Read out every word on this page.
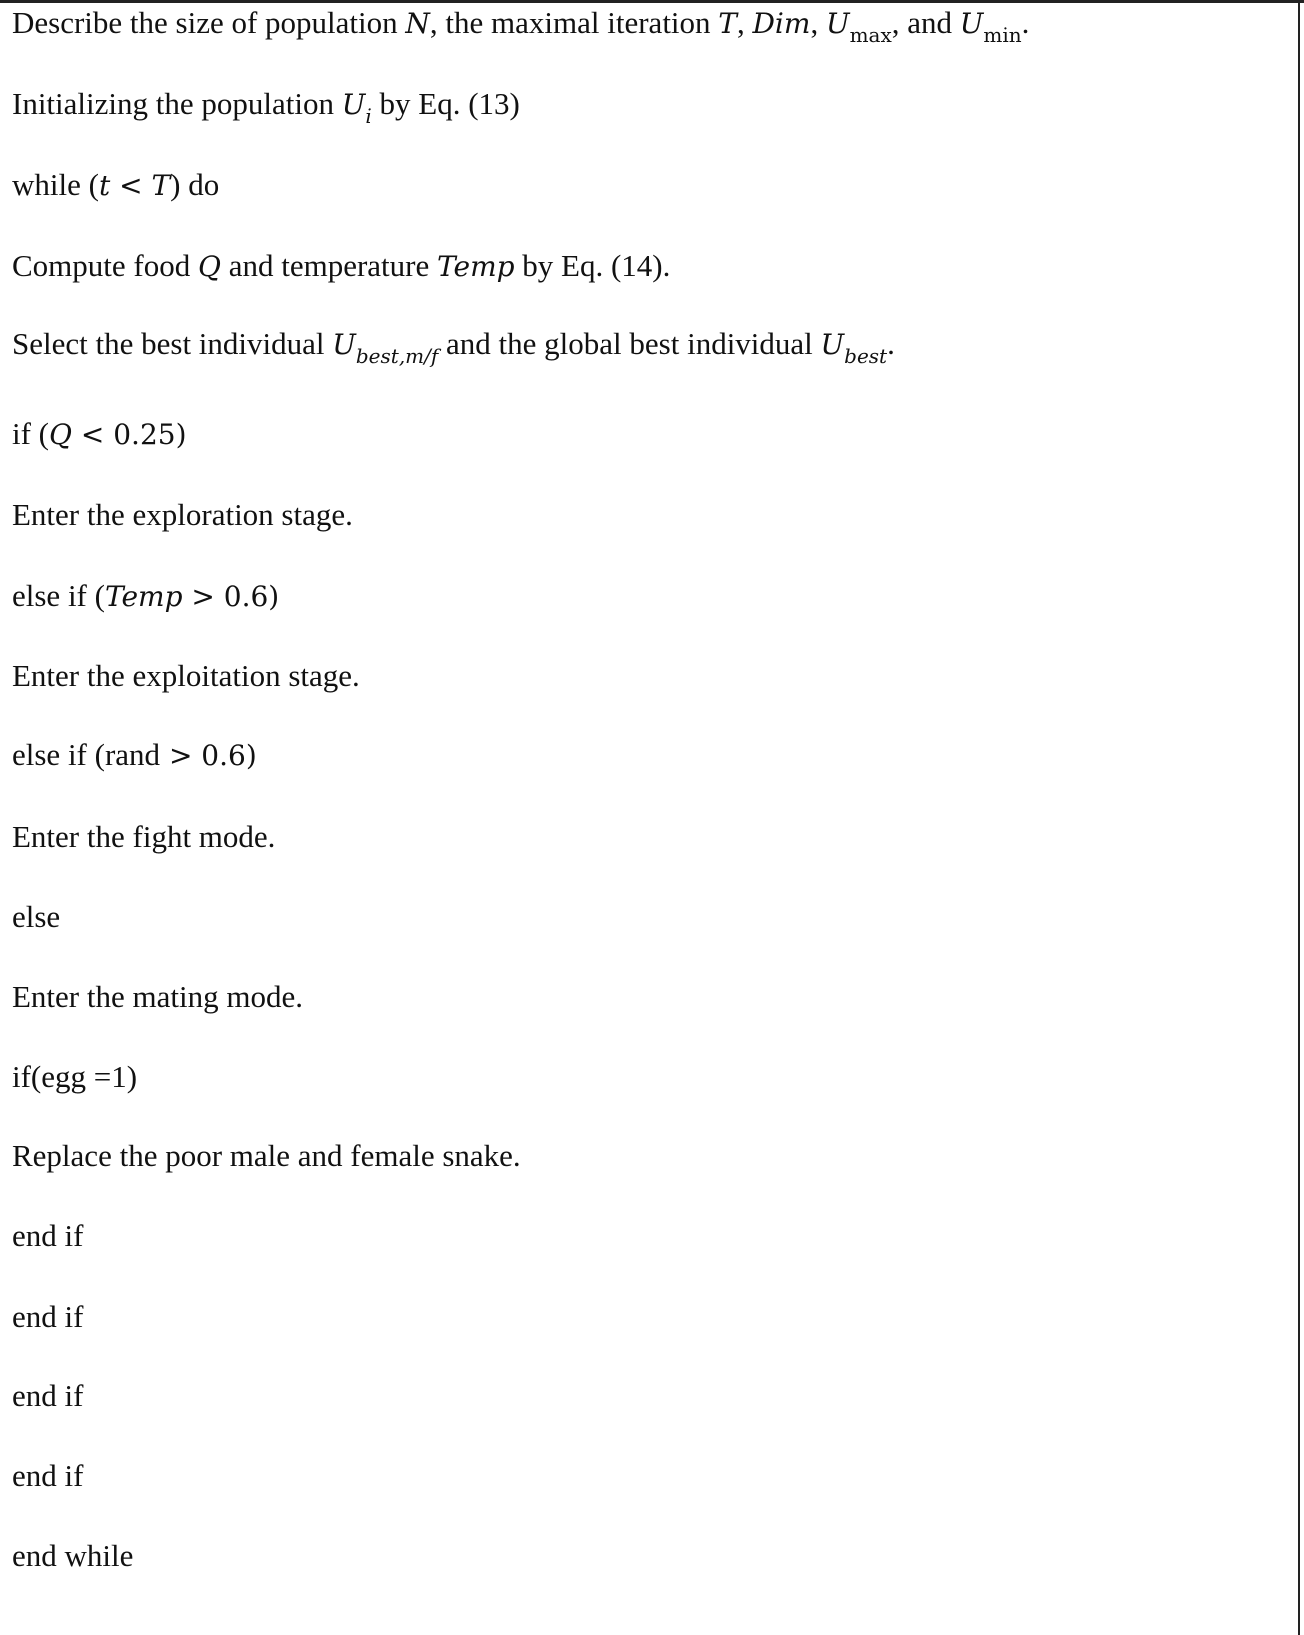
Describe the size of population N, the maximal iteration T, Dim, $U_{max}$, and $U_{min}$.
Initializing the population $U_i$ by Eq. (13)
while (t < T) do
Compute food Q and temperature Temp by Eq. (14).
Select the best individual $U_{best,m/f}$ and the global best individual $U_{best}$.
if (Q < 0.25)
Enter the exploration stage.
else if (Temp > 0.6)
Enter the exploitation stage.
else if (rand > 0.6)
Enter the fight mode.
else
Enter the mating mode.
if(egg =1)
Replace the poor male and female snake.
end if
end if
end if
end if
end while
